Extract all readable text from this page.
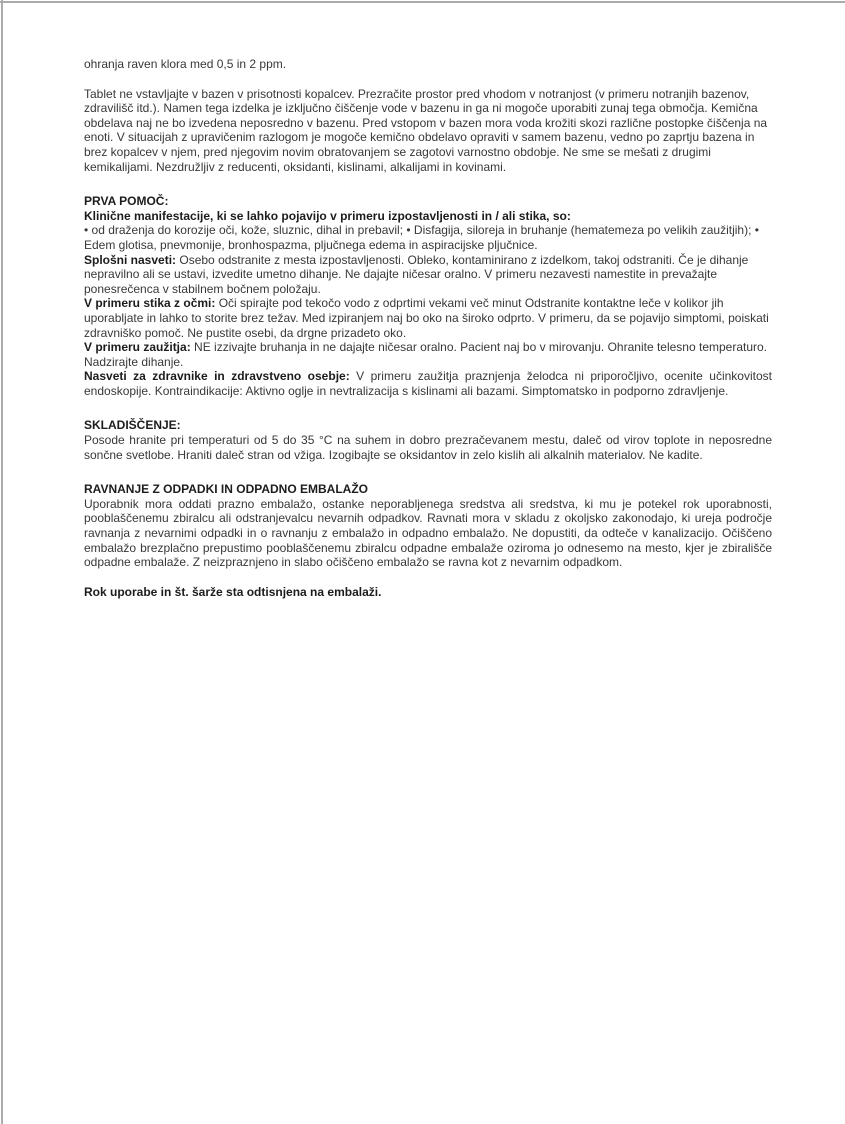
ohranja raven klora med 0,5 in 2 ppm.

Tablet ne vstavljajte v bazen v prisotnosti kopalcev. Prezračite prostor pred vhodom v notranjost (v primeru notranjih bazenov, zdravilišč itd.). Namen tega izdelka je izključno čiščenje vode v bazenu in ga ni mogoče uporabiti zunaj tega območja. Kemična obdelava naj ne bo izvedena neposredno v bazenu. Pred vstopom v bazen mora voda krožiti skozi različne postopke čiščenja na enoti. V situacijah z upravičenim razlogom je mogoče kemično obdelavo opraviti v samem bazenu, vedno po zaprtju bazena in brez kopalcev v njem, pred njegovim novim obratovanjem se zagotovi varnostno obdobje. Ne sme se mešati z drugimi kemikalijami. Nezdružljiv z reducenti, oksidanti, kislinami, alkalijami in kovinami.

PRVA POMOČ:

Klinične manifestacije, ki se lahko pojavijo v primeru izpostavljenosti in / ali stika, so:

• od draženja do korozije oči, kože, sluznic, dihal in prebavil; • Disfagija, siloreja in bruhanje (hematemeza po velikih zaužitjih); • Edem glotisa, pnevmonije, bronhospazma, pljučnega edema in aspiracijske pljučnice.

Splošni nasveti: Osebo odstranite z mesta izpostavljenosti. Obleko, kontaminirano z izdelkom, takoj odstraniti. Če je dihanje nepravilno ali se ustavi, izvedite umetno dihanje. Ne dajajte ničesar oralno. V primeru nezavesti namestite in prevažajte ponesrečenca v stabilnem bočnem položaju.

V primeru stika z očmi: Oči spirajte pod tekočo vodo z odprtimi vekami več minut Odstranite kontaktne leče v kolikor jih uporabljate in lahko to storite brez težav. Med izpiranjem naj bo oko na široko odprto. V primeru, da se pojavijo simptomi, poiskati zdravniško pomoč. Ne pustite osebi, da drgne prizadeto oko.

V primeru zaužitja: NE izzivajte bruhanja in ne dajajte ničesar oralno. Pacient naj bo v mirovanju. Ohranite telesno temperaturo. Nadzirajte dihanje.

Nasveti za zdravnike in zdravstveno osebje: V primeru zaužitja praznjenja želodca ni priporočljivo, ocenite učinkovitost endoskopije. Kontraindikacije: Aktivno oglje in nevtralizacija s kislinami ali bazami. Simptomatsko in podporno zdravljenje.

SKLADIŠČENJE:

Posode hranite pri temperaturi od 5 do 35 °C na suhem in dobro prezračevanem mestu, daleč od virov toplote in neposredne sončne svetlobe. Hraniti daleč stran od vžiga. Izogibajte se oksidantov in zelo kislih ali alkalnih materialov. Ne kadite.

RAVNANJE Z ODPADKI IN ODPADNO EMBALAŽO

Uporabnik mora oddati prazno embalažo, ostanke neporabljenega sredstva ali sredstva, ki mu je potekel rok uporabnosti, pooblaščenemu zbiralcu ali odstranjevalcu nevarnih odpadkov. Ravnati mora v skladu z okoljsko zakonodajo, ki ureja področje ravnanja z nevarnimi odpadki in o ravnanju z embalažo in odpadno embalažo. Ne dopustiti, da odteče v kanalizacijo. Očiščeno embalažo brezplačno prepustimo pooblaščenemu zbiralcu odpadne embalaže oziroma jo odnesemo na mesto, kjer je zbirališče odpadne embalaže. Z neizpraznjeno in slabo očiščeno embalažo se ravna kot z nevarnim odpadkom.

Rok uporabe in št. šarže sta odtisnjena na embalaži.
